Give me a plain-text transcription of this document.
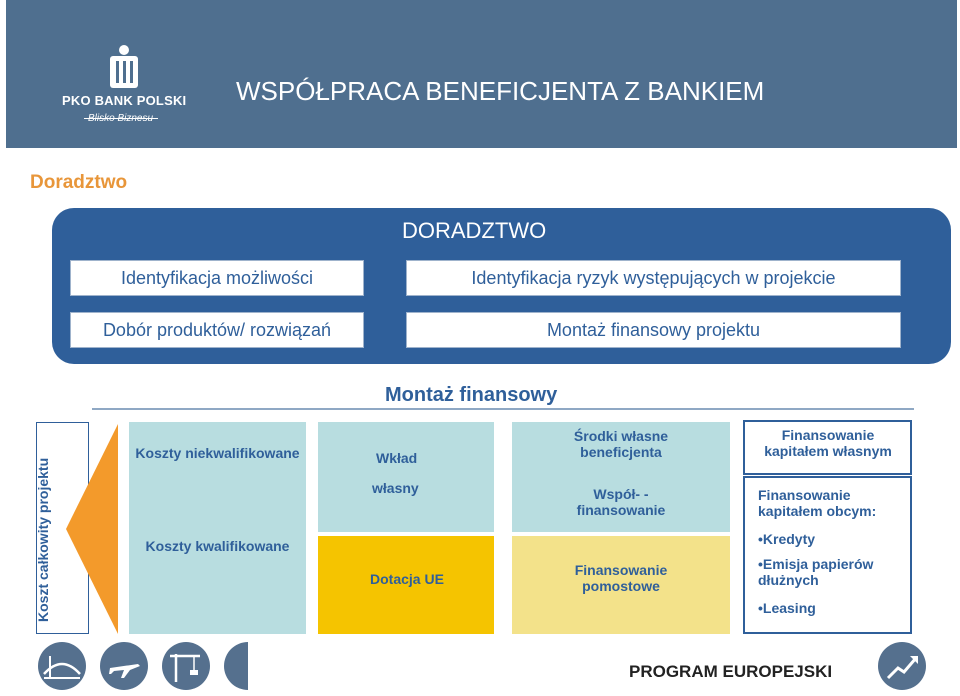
PKO BANK POLSKI
Blisko Biznesu
WSPÓŁPRACA BENEFICJENTA Z BANKIEM
Doradztwo
DORADZTWO
Identyfikacja możliwości	Identyfikacja ryzyk występujących w projekcie
Dobór produktów/ rozwiązań	Montaż finansowy projektu
Montaż finansowy
Koszt całkowity projektu
Koszty niekwalifikowane
Koszty kwalifikowane
Wkład
własny
Dotacja UE
Środki własne beneficjenta
Współ- -finansowanie
Finansowanie pomostowe
Finansowanie kapitałem własnym
Finansowanie kapitałem obcym:
•Kredyty
•Emisja papierów dłużnych
•Leasing
PROGRAM EUROPEJSKI
